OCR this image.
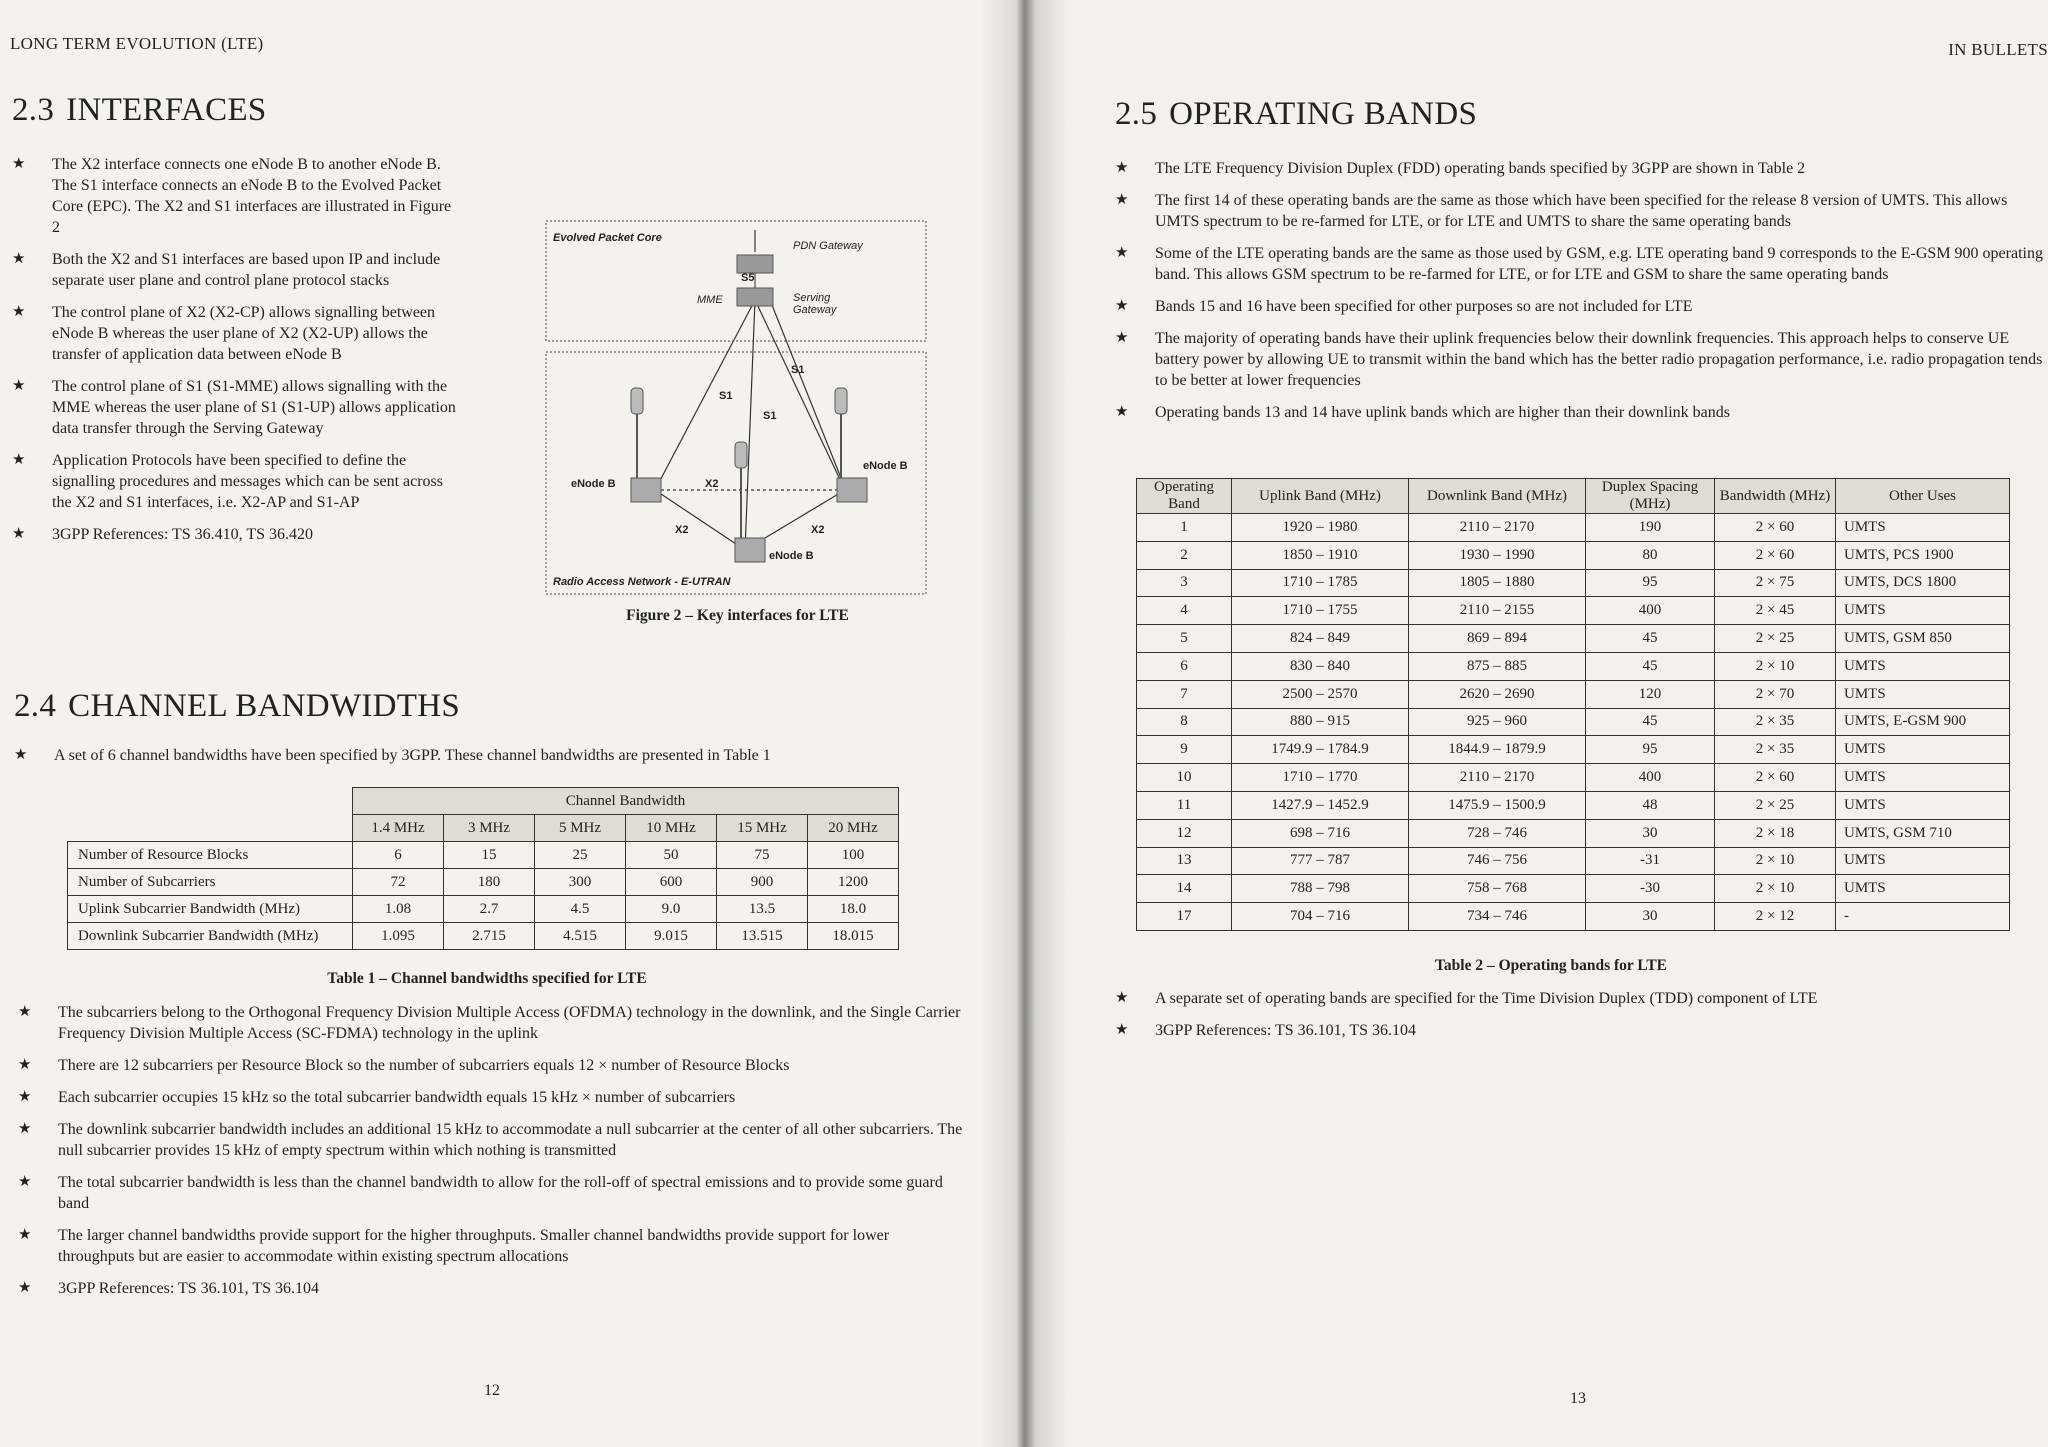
LONG TERM EVOLUTION (LTE)
2.3 INTERFACES
★ The X2 interface connects one eNode B to another eNode B. The S1 interface connects an eNode B to the Evolved Packet Core (EPC). The X2 and S1 interfaces are illustrated in Figure 2
★ Both the X2 and S1 interfaces are based upon IP and include separate user plane and control plane protocol stacks
★ The control plane of X2 (X2-CP) allows signalling between eNode B whereas the user plane of X2 (X2-UP) allows the transfer of application data between eNode B
★ The control plane of S1 (S1-MME) allows signalling with the MME whereas the user plane of S1 (S1-UP) allows application data transfer through the Serving Gateway
★ Application Protocols have been specified to define the signalling procedures and messages which can be sent across the X2 and S1 interfaces, i.e. X2-AP and S1-AP
★ 3GPP References: TS 36.410, TS 36.420
Evolved Packet Core
PDN Gateway
Serving Gateway
MME
S5
S1
S1
S1
X2
X2	X2
eNode B
eNode B
eNode B
Radio Access Network - E-UTRAN
Figure 2 – Key interfaces for LTE
2.4 CHANNEL BANDWIDTHS
★ A set of 6 channel bandwidths have been specified by 3GPP. These channel bandwidths are presented in Table 1
	Channel Bandwidth					
	1.4 MHz	3 MHz	5 MHz	10 MHz	15 MHz	20 MHz
Number of Resource Blocks	6	15	25	50	75	100
Number of Subcarriers	72	180	300	600	900	1200
Uplink Subcarrier Bandwidth (MHz)	1.08	2.7	4.5	9.0	13.5	18.0
Downlink Subcarrier Bandwidth (MHz)	1.095	2.715	4.515	9.015	13.515	18.015
Table 1 – Channel bandwidths specified for LTE
★ The subcarriers belong to the Orthogonal Frequency Division Multiple Access (OFDMA) technology in the downlink, and the Single Carrier Frequency Division Multiple Access (SC-FDMA) technology in the uplink
★ There are 12 subcarriers per Resource Block so the number of subcarriers equals 12 × number of Resource Blocks
★ Each subcarrier occupies 15 kHz so the total subcarrier bandwidth equals 15 kHz × number of subcarriers
★ The downlink subcarrier bandwidth includes an additional 15 kHz to accommodate a null subcarrier at the center of all other subcarriers. The null subcarrier provides 15 kHz of empty spectrum within which nothing is transmitted
★ The total subcarrier bandwidth is less than the channel bandwidth to allow for the roll-off of spectral emissions and to provide some guard band
★ The larger channel bandwidths provide support for the higher throughputs. Smaller channel bandwidths provide support for lower throughputs but are easier to accommodate within existing spectrum allocations
★ 3GPP References: TS 36.101, TS 36.104
12
IN BULLETS
2.5 OPERATING BANDS
★ The LTE Frequency Division Duplex (FDD) operating bands specified by 3GPP are shown in Table 2
★ The first 14 of these operating bands are the same as those which have been specified for the release 8 version of UMTS. This allows UMTS spectrum to be re-farmed for LTE, or for LTE and UMTS to share the same operating bands
★ Some of the LTE operating bands are the same as those used by GSM, e.g. LTE operating band 9 corresponds to the E-GSM 900 operating band. This allows GSM spectrum to be re-farmed for LTE, or for LTE and GSM to share the same operating bands
★ Bands 15 and 16 have been specified for other purposes so are not included for LTE
★ The majority of operating bands have their uplink frequencies below their downlink frequencies. This approach helps to conserve UE battery power by allowing UE to transmit within the band which has the better radio propagation performance, i.e. radio propagation tends to be better at lower frequencies
★ Operating bands 13 and 14 have uplink bands which are higher than their downlink bands
Operating Band	Uplink Band (MHz)	Downlink Band (MHz)	Duplex Spacing (MHz)	Bandwidth (MHz)	Other Uses
1	1920 – 1980	2110 – 2170	190	2 × 60	UMTS
2	1850 – 1910	1930 – 1990	80	2 × 60	UMTS, PCS 1900
3	1710 – 1785	1805 – 1880	95	2 × 75	UMTS, DCS 1800
4	1710 – 1755	2110 – 2155	400	2 × 45	UMTS
5	824 – 849	869 – 894	45	2 × 25	UMTS, GSM 850
6	830 – 840	875 – 885	45	2 × 10	UMTS
7	2500 – 2570	2620 – 2690	120	2 × 70	UMTS
8	880 – 915	925 – 960	45	2 × 35	UMTS, E-GSM 900
9	1749.9 – 1784.9	1844.9 – 1879.9	95	2 × 35	UMTS
10	1710 – 1770	2110 – 2170	400	2 × 60	UMTS
11	1427.9 – 1452.9	1475.9 – 1500.9	48	2 × 25	UMTS
12	698 – 716	728 – 746	30	2 × 18	UMTS, GSM 710
13	777 – 787	746 – 756	-31	2 × 10	UMTS
14	788 – 798	758 – 768	-30	2 × 10	UMTS
17	704 – 716	734 – 746	30	2 × 12	-
Table 2 – Operating bands for LTE
★ A separate set of operating bands are specified for the Time Division Duplex (TDD) component of LTE
★ 3GPP References: TS 36.101, TS 36.104
13
